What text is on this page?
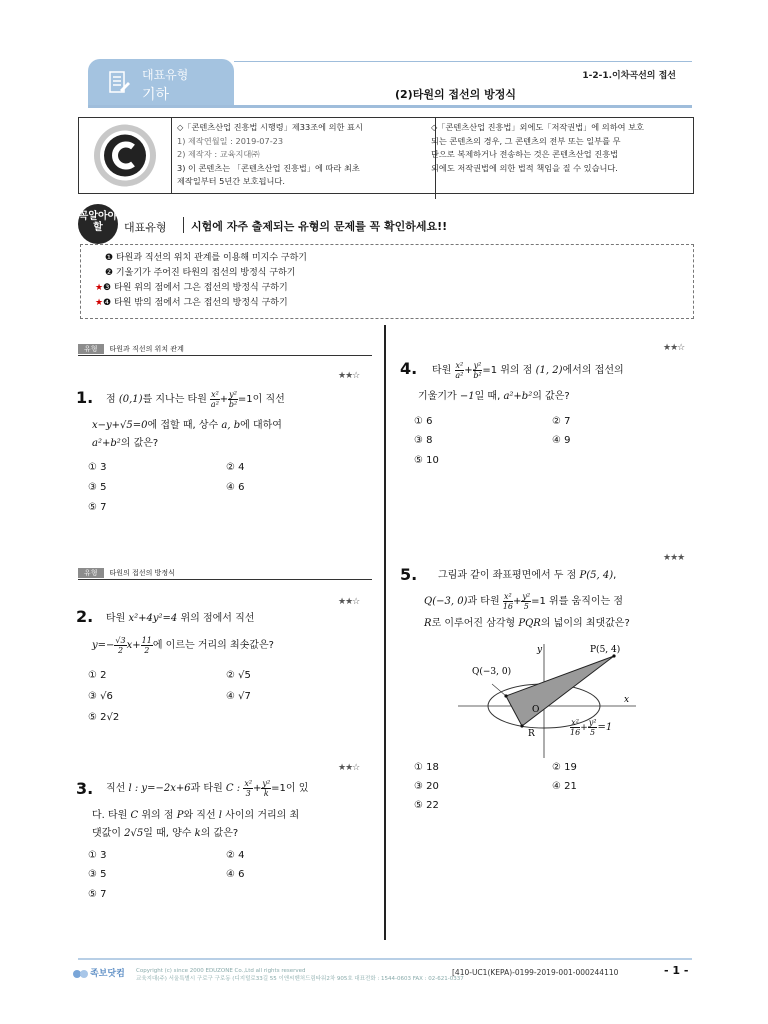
대표유형
기하
1-2-1.이차곡선의 접선
(2)타원의 접선의 방정식
◇「콘텐츠산업 진흥법 시행령」제33조에 의한 표시
1) 제작연월일 : 2019-07-23
2) 제작자 : 교육지대㈜
3) 이 콘텐츠는 「콘텐츠산업 진흥법」에 따라 최초
제작일부터 5년간 보호됩니다.
◇「콘텐츠산업 진흥법」외에도「저작권법」에 의하여 보호
되는 콘텐츠의 경우, 그 콘텐츠의 전부 또는 일부를 무
단으로 복제하거나 전송하는 것은 콘텐츠산업 진흥법
외에도 저작권법에 의한 법적 책임을 질 수 있습니다.
꼭알아야할	대표유형 시험에 자주 출제되는 유형의 문제를 꼭 확인하세요!!
❶ 타원과 직선의 위치 관계를 이용해 미지수 구하기
❷ 기울기가 주어진 타원의 접선의 방정식 구하기
★❸ 타원 위의 점에서 그은 접선의 방정식 구하기
★❹ 타원 밖의 점에서 그은 접선의 방정식 구하기
유형 타원과 직선의 위치 관계
★★☆
1. 점 (0,1)를 지나는 타원 $\frac{\text{x²}}{\text{a²}} + \frac{\text{y²}}{\text{b²}} =1$이 직선
x−y+√5=0에 접할 때, 상수 a, b에 대하여
a²+b²의 값은?
① 3	② 4
③ 5	④ 6
⑤ 7
유형 타원의 접선의 방정식
★★☆
2. 타원 x²+4y²=4 위의 점에서 직선
$y=- \frac{√3}{2} x+ \frac{11}{2}$ 에 이르는 거리의 최솟값은?
① 2	② √5
③ √6	④ √7
⑤ 2√2
★★☆
3. 직선 l : y=−2x+6과 타원 C : $\frac{\text{x²}}{3} + \frac{\text{y²}}{k} =1$이 있
다. 타원 C 위의 점 P와 직선 l 사이의 거리의 최
댓값이 2√5일 때, 양수 k의 값은?
① 3	② 4
③ 5	④ 6
⑤ 7
★★☆
4. 타원 $\frac{\text{x²}}{\text{a²}} + \frac{\text{y²}}{\text{b²}} =1$ 위의 점 (1, 2)에서의 접선의
기울기가 −1일 때, a²+b²의 값은?
① 6	② 7
③ 8	④ 9
⑤ 10
★★★
5. 그림과 같이 좌표평면에서 두 점 P(5, 4),
Q(−3, 0)과 타원 $\frac{\text{x²}}{16} + \frac{\text{y²}}{5} =1$ 위를 움직이는 점
R로 이루어진 삼각형 PQR의 넓이의 최댓값은?
Q(−3, 0)
P(5, 4)
O
R
x
y
$\frac{\text{x²}}{16} + \frac{\text{y²}}{5} =1$
① 18	② 19
③ 20	④ 21
⑤ 22
족보닷컴 Copyright (c) since 2000 EDUZONE Co.,Ltd all rights reserved
교육지대(주) 서울특별시 구로구 구로동 (디지털로33길 55 이앤씨벤처드림타워2차 905호 대표전화 : 1544-0603 FAX : 02-621-0337
[410-UC1(KEPA)-0199-2019-001-000244110	- 1 -
